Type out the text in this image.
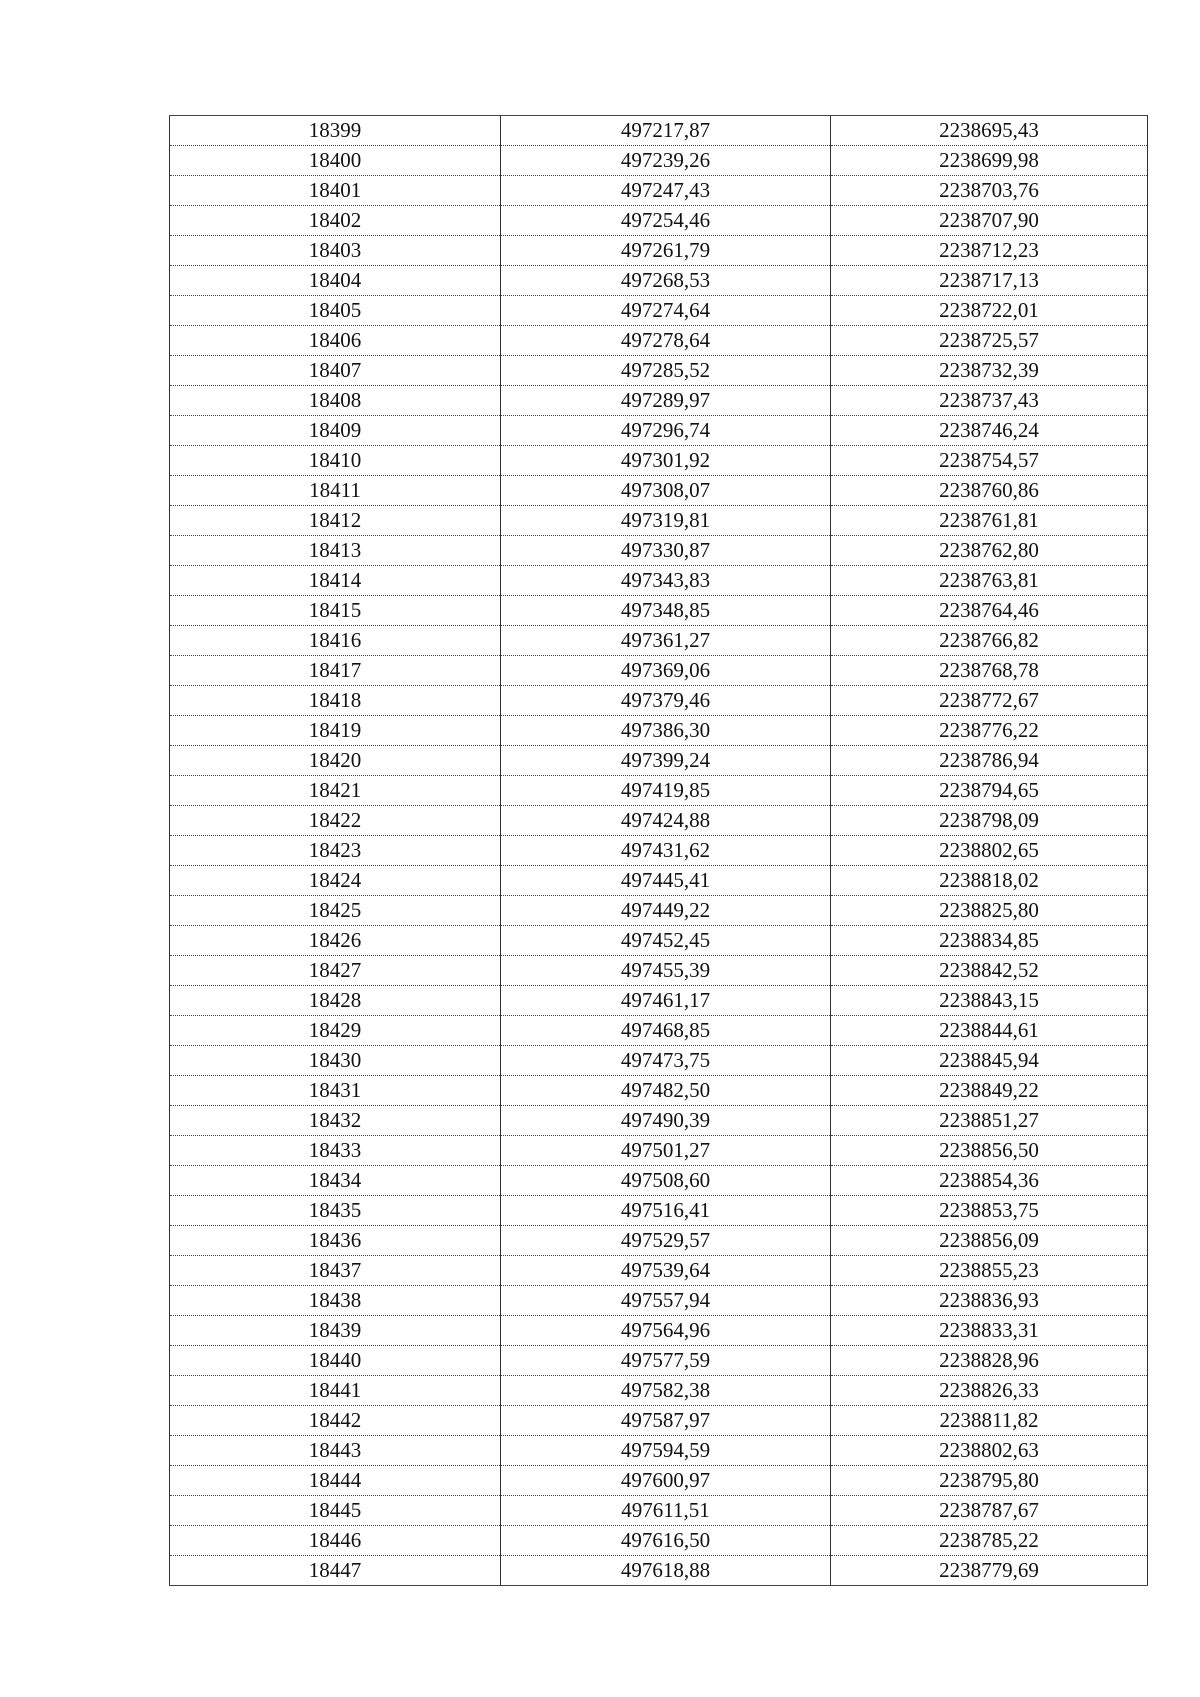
18399	497217,87	2238695,43
18400	497239,26	2238699,98
18401	497247,43	2238703,76
18402	497254,46	2238707,90
18403	497261,79	2238712,23
18404	497268,53	2238717,13
18405	497274,64	2238722,01
18406	497278,64	2238725,57
18407	497285,52	2238732,39
18408	497289,97	2238737,43
18409	497296,74	2238746,24
18410	497301,92	2238754,57
18411	497308,07	2238760,86
18412	497319,81	2238761,81
18413	497330,87	2238762,80
18414	497343,83	2238763,81
18415	497348,85	2238764,46
18416	497361,27	2238766,82
18417	497369,06	2238768,78
18418	497379,46	2238772,67
18419	497386,30	2238776,22
18420	497399,24	2238786,94
18421	497419,85	2238794,65
18422	497424,88	2238798,09
18423	497431,62	2238802,65
18424	497445,41	2238818,02
18425	497449,22	2238825,80
18426	497452,45	2238834,85
18427	497455,39	2238842,52
18428	497461,17	2238843,15
18429	497468,85	2238844,61
18430	497473,75	2238845,94
18431	497482,50	2238849,22
18432	497490,39	2238851,27
18433	497501,27	2238856,50
18434	497508,60	2238854,36
18435	497516,41	2238853,75
18436	497529,57	2238856,09
18437	497539,64	2238855,23
18438	497557,94	2238836,93
18439	497564,96	2238833,31
18440	497577,59	2238828,96
18441	497582,38	2238826,33
18442	497587,97	2238811,82
18443	497594,59	2238802,63
18444	497600,97	2238795,80
18445	497611,51	2238787,67
18446	497616,50	2238785,22
18447	497618,88	2238779,69
